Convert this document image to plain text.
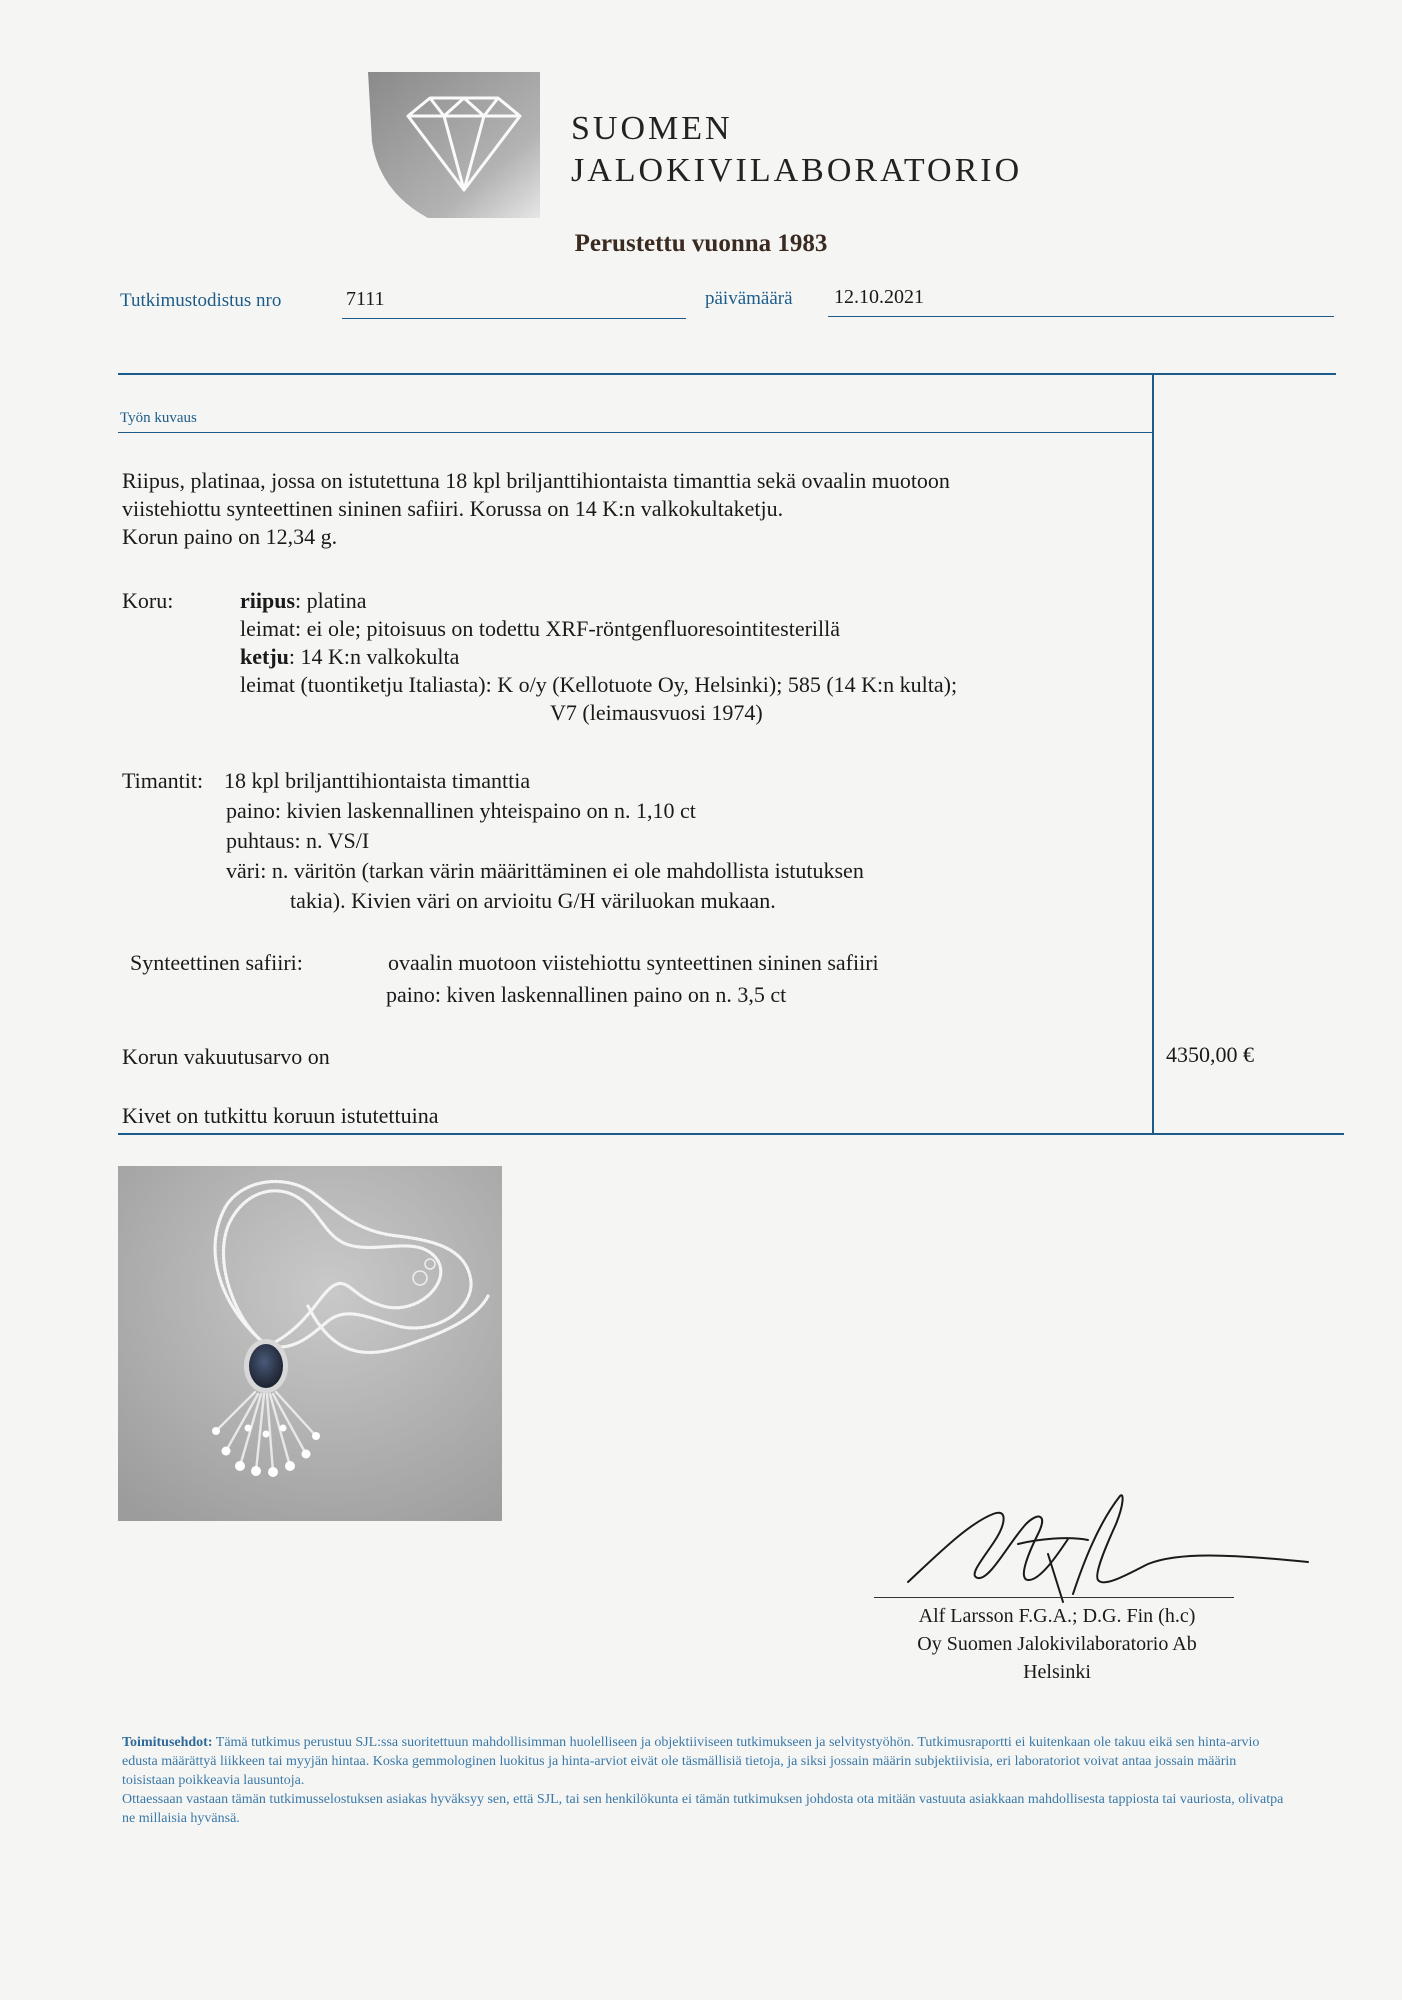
SUOMEN
JALOKIVILABORATORIO
Perustettu vuonna 1983
Tutkimustodistus nro	7111	päivämäärä 12.10.2021
Työn kuvaus
Riipus, platinaa, jossa on istutettuna 18 kpl briljanttihiontaista timanttia sekä ovaalin muotoon
viistehiottu synteettinen sininen safiiri. Korussa on 14 K:n valkokultaketju.
Korun paino on 12,34 g.
Koru:	riipus: platina
leimat: ei ole; pitoisuus on todettu XRF-röntgenfluoresointitesterillä
ketju: 14 K:n valkokulta
leimat (tuontiketju Italiasta): K o/y (Kellotuote Oy, Helsinki); 585 (14 K:n kulta);
V7 (leimausvuosi 1974)
Timantit: 18 kpl briljanttihiontaista timanttia
paino: kivien laskennallinen yhteispaino on n. 1,10 ct
puhtaus: n. VS/I
väri: n. väritön (tarkan värin määrittäminen ei ole mahdollista istutuksen
takia). Kivien väri on arvioitu G/H väriluokan mukaan.
Synteettinen safiiri:	ovaalin muotoon viistehiottu synteettinen sininen safiiri
paino: kiven laskennallinen paino on n. 3,5 ct
Korun vakuutusarvo on	4350,00 €
Kivet on tutkittu koruun istutettuina
Alf Larsson F.G.A.; D.G. Fin (h.c)
Oy Suomen Jalokivilaboratorio Ab
Helsinki
Toimitusehdot: Tämä tutkimus perustuu SJL:ssa suoritettuun mahdollisimman huolelliseen ja objektiiviseen tutkimukseen ja selvitystyöhön. Tutkimusraportti ei kuitenkaan ole takuu eikä sen hinta-arvio edusta määrättyä liikkeen tai myyjän hintaa. Koska gemmologinen luokitus ja hinta-arviot eivät ole täsmällisiä tietoja, ja siksi jossain määrin subjektiivisia, eri laboratoriot voivat antaa jossain määrin toisistaan poikkeavia lausuntoja.
Ottaessaan vastaan tämän tutkimusselostuksen asiakas hyväksyy sen, että SJL, tai sen henkilökunta ei tämän tutkimuksen johdosta ota mitään vastuuta asiakkaan mahdollisesta tappiosta tai vauriosta, olivatpa ne millaisia hyvänsä.
